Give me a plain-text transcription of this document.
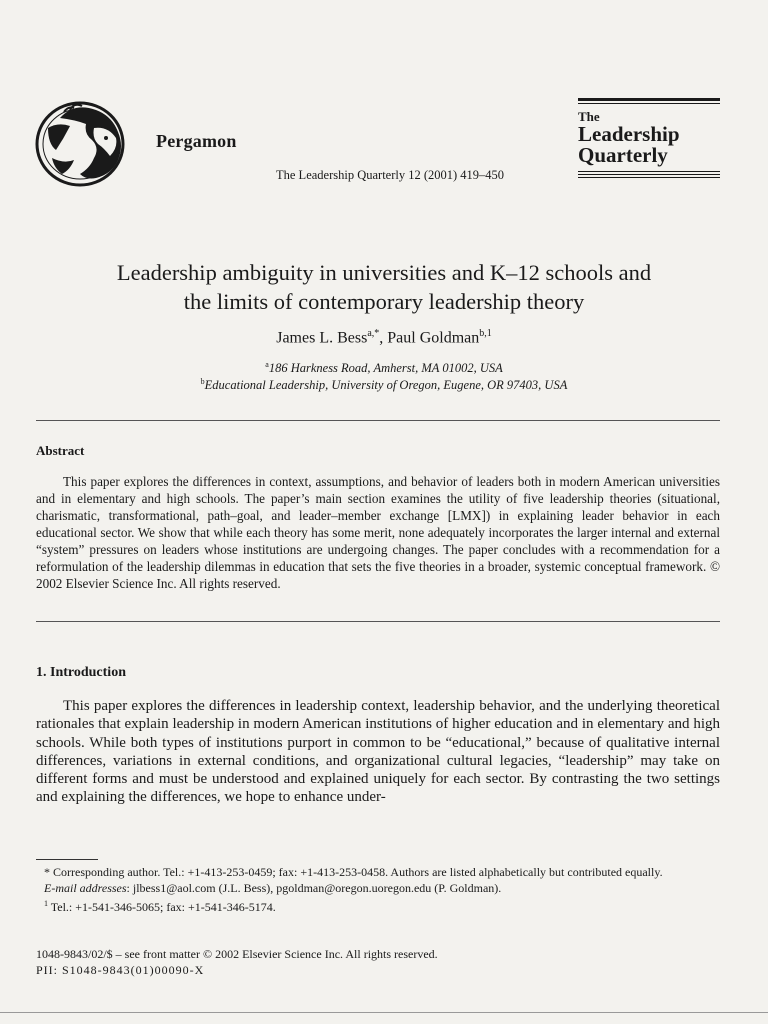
Pergamon
The Leadership Quarterly 12 (2001) 419–450
The
Leadership
Quarterly
Leadership ambiguity in universities and K–12 schools and
the limits of contemporary leadership theory
James L. Bess$^{a,*}$, Paul Goldman$^{b,1}$
$^a$186 Harkness Road, Amherst, MA 01002, USA
$^b$Educational Leadership, University of Oregon, Eugene, OR 97403, USA
Abstract

This paper explores the differences in context, assumptions, and behavior of leaders both in modern American universities and in elementary and high schools. The paper’s main section examines the utility of five leadership theories (situational, charismatic, transformational, path–goal, and leader–member exchange [LMX]) in explaining leader behavior in each educational sector. We show that while each theory has some merit, none adequately incorporates the larger internal and external “system” pressures on leaders whose institutions are undergoing changes. The paper concludes with a recommendation for a reformulation of the leadership dilemmas in education that sets the five theories in a broader, systemic conceptual framework. © 2002 Elsevier Science Inc. All rights reserved.

1. Introduction

This paper explores the differences in leadership context, leadership behavior, and the underlying theoretical rationales that explain leadership in modern American institutions of higher education and in elementary and high schools. While both types of institutions purport in common to be “educational,” because of qualitative internal differences, variations in external conditions, and organizational cultural legacies, “leadership” may take on different forms and must be understood and explained uniquely for each sector. By contrasting the two settings and explaining the differences, we hope to enhance under-

* Corresponding author. Tel.: +1-413-253-0459; fax: +1-413-253-0458. Authors are listed alphabetically but contributed equally.

E-mail addresses: jlbess1@aol.com (J.L. Bess), pgoldman@oregon.uoregon.edu (P. Goldman).

$^1$ Tel.: +1-541-346-5065; fax: +1-541-346-5174.

1048-9843/02/$ – see front matter © 2002 Elsevier Science Inc. All rights reserved.
PII: S1048-9843(01)00090-X
